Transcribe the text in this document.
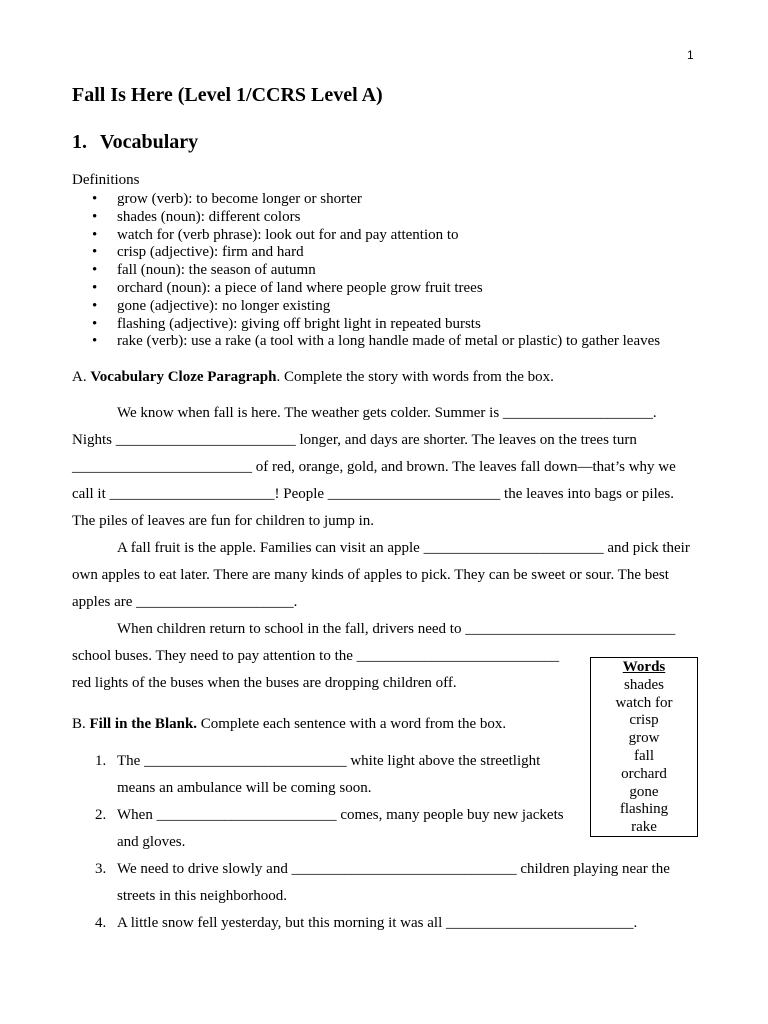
1
Fall Is Here (Level 1/CCRS Level A)
1. Vocabulary
Definitions
• grow (verb): to become longer or shorter
• shades (noun): different colors
• watch for (verb phrase): look out for and pay attention to
• crisp (adjective): firm and hard
• fall (noun): the season of autumn
• orchard (noun): a piece of land where people grow fruit trees
• gone (adjective): no longer existing
• flashing (adjective): giving off bright light in repeated bursts
• rake (verb): use a rake (a tool with a long handle made of metal or plastic) to gather leaves

A. Vocabulary Cloze Paragraph. Complete the story with words from the box.

We know when fall is here. The weather gets colder. Summer is ____________________.
Nights ________________________ longer, and days are shorter. The leaves on the trees turn
________________________ of red, orange, gold, and brown. The leaves fall down—that’s why we
call it ______________________! People _______________________ the leaves into bags or piles.
The piles of leaves are fun for children to jump in.
A fall fruit is the apple. Families can visit an apple ________________________ and pick their
own apples to eat later. There are many kinds of apples to pick. They can be sweet or sour. The best
apples are _____________________.
When children return to school in the fall, drivers need to ____________________________
school buses. They need to pay attention to the ___________________________
red lights of the buses when the buses are dropping children off.
Words
shades
watch for
crisp
grow
fall
orchard
gone
flashing
rake

B. Fill in the Blank. Complete each sentence with a word from the box.

1. The ___________________________ white light above the streetlight
means an ambulance will be coming soon.
2. When ________________________ comes, many people buy new jackets
and gloves.
3. We need to drive slowly and ______________________________ children playing near the
streets in this neighborhood.
4. A little snow fell yesterday, but this morning it was all _________________________.
